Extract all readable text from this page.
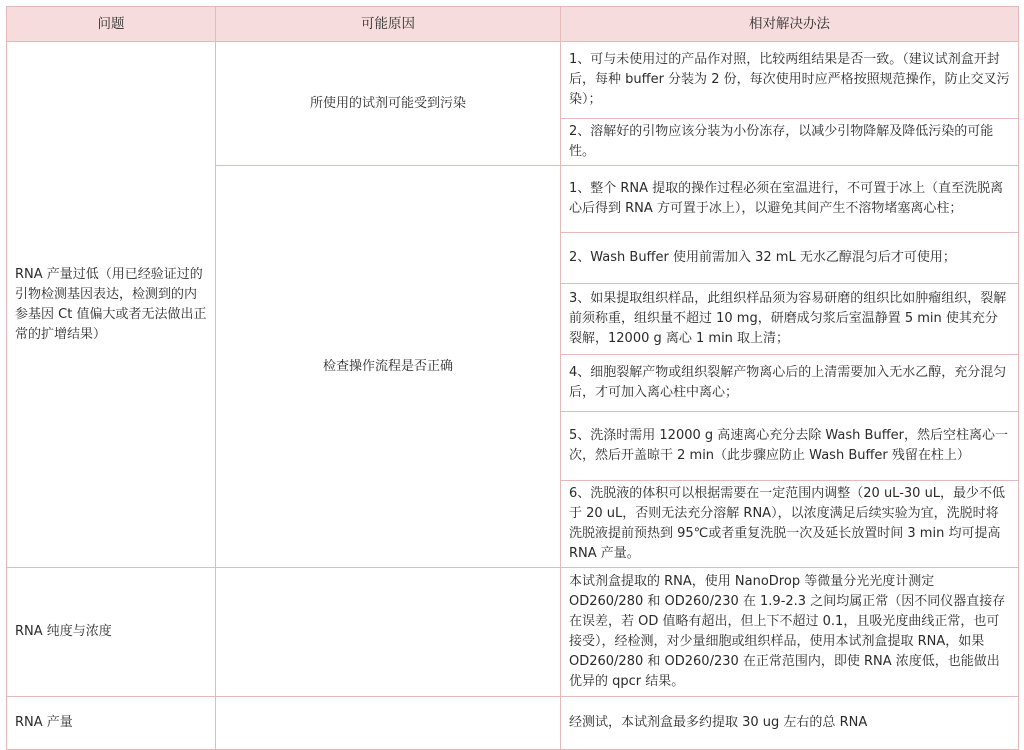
问题	可能原因	相对解决办法
RNA 产量过低（用已经验证过的引物检测基因表达，检测到的内参基因 Ct 值偏大或者无法做出正常的扩增结果）	所使用的试剂可能受到污染	1、可与未使用过的产品作对照，比较两组结果是否一致。（建议试剂盒开封后，每种 buffer 分装为 2 份，每次使用时应严格按照规范操作，防止交叉污染）；
		2、溶解好的引物应该分装为小份冻存，以减少引物降解及降低污染的可能性。
	检查操作流程是否正确	1、整个 RNA 提取的操作过程必须在室温进行，不可置于冰上（直至洗脱离心后得到 RNA 方可置于冰上），以避免其间产生不溶物堵塞离心柱；
		2、Wash Buffer 使用前需加入 32 mL 无水乙醇混匀后才可使用；
		3、如果提取组织样品，此组织样品须为容易研磨的组织比如肿瘤组织，裂解前须称重，组织量不超过 10 mg，研磨成匀浆后室温静置 5 min 使其充分裂解，12000 g 离心 1 min 取上清；
		4、细胞裂解产物或组织裂解产物离心后的上清需要加入无水乙醇，充分混匀后，才可加入离心柱中离心；
		5、洗涤时需用 12000 g 高速离心充分去除 Wash Buffer，然后空柱离心一次，然后开盖晾干 2 min（此步骤应防止 Wash Buffer 残留在柱上）
		6、洗脱液的体积可以根据需要在一定范围内调整（20 uL-30 uL，最少不低于 20 uL，否则无法充分溶解 RNA），以浓度满足后续实验为宜，洗脱时将洗脱液提前预热到 95℃或者重复洗脱一次及延长放置时间 3 min 均可提高 RNA 产量。
RNA 纯度与浓度		本试剂盒提取的 RNA，使用 NanoDrop 等微量分光光度计测定 OD260/280 和 OD260/230 在 1.9-2.3 之间均属正常（因不同仪器直接存在误差，若 OD 值略有超出，但上下不超过 0.1，且吸光度曲线正常，也可接受），经检测，对少量细胞或组织样品，使用本试剂盒提取 RNA，如果 OD260/280 和 OD260/230 在正常范围内，即使 RNA 浓度低，也能做出优异的 qpcr 结果。
RNA 产量		经测试，本试剂盒最多约提取 30 ug 左右的总 RNA
